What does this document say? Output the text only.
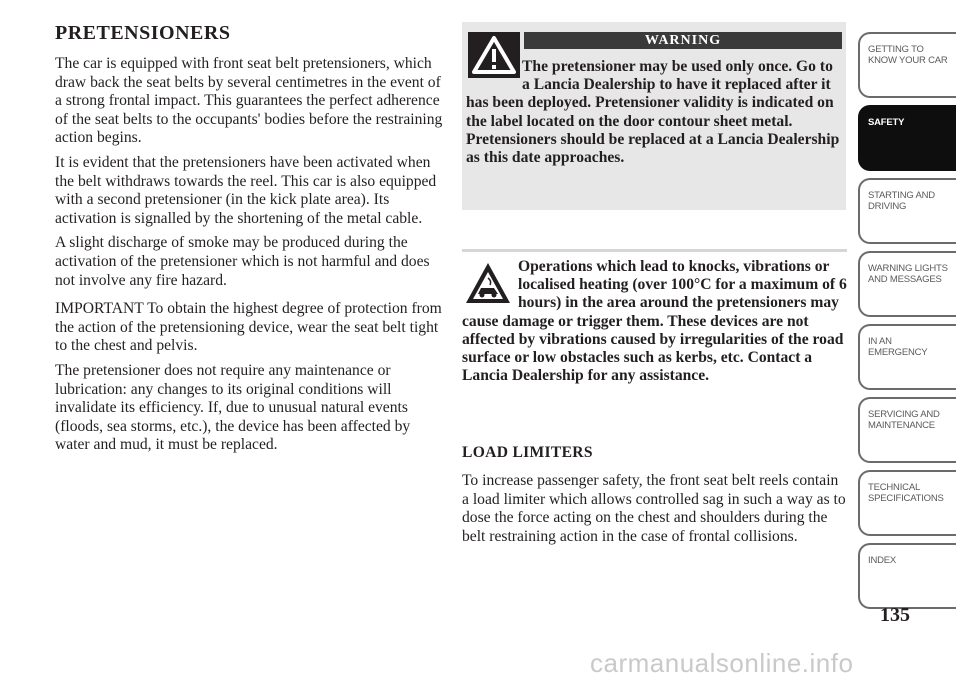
PRETENSIONERS

The car is equipped with front seat belt pretensioners, which draw back the seat belts by several centimetres in the event of a strong frontal impact. This guarantees the perfect adherence of the seat belts to the occupants' bodies before the restraining action begins.

It is evident that the pretensioners have been activated when the belt withdraws towards the reel. This car is also equipped with a second pretensioner (in the kick plate area). Its activation is signalled by the shortening of the metal cable.

A slight discharge of smoke may be produced during the activation of the pretensioner which is not harmful and does not involve any fire hazard.

IMPORTANT To obtain the highest degree of protection from the action of the pretensioning device, wear the seat belt tight to the chest and pelvis.

The pretensioner does not require any maintenance or lubrication: any changes to its original conditions will invalidate its efficiency. If, due to unusual natural events (floods, sea storms, etc.), the device has been affected by water and mud, it must be replaced.

WARNING
The pretensioner may be used only once. Go to a Lancia Dealership to have it replaced after it has been deployed. Pretensioner validity is indicated on the label located on the door contour sheet metal. Pretensioners should be replaced at a Lancia Dealership as this date approaches.
Operations which lead to knocks, vibrations or localised heating (over 100°C for a maximum of 6 hours) in the area around the pretensioners may cause damage or trigger them. These devices are not affected by vibrations caused by irregularities of the road surface or low obstacles such as kerbs, etc. Contact a Lancia Dealership for any assistance.
LOAD LIMITERS

To increase passenger safety, the front seat belt reels contain a load limiter which allows controlled sag in such a way as to dose the force acting on the chest and shoulders during the belt restraining action in the case of frontal collisions.

GETTING TO KNOW YOUR CAR
SAFETY
STARTING AND DRIVING
WARNING LIGHTS AND MESSAGES
IN AN EMERGENCY
SERVICING AND MAINTENANCE
TECHNICAL SPECIFICATIONS
INDEX
135
carmanualsonline.info
